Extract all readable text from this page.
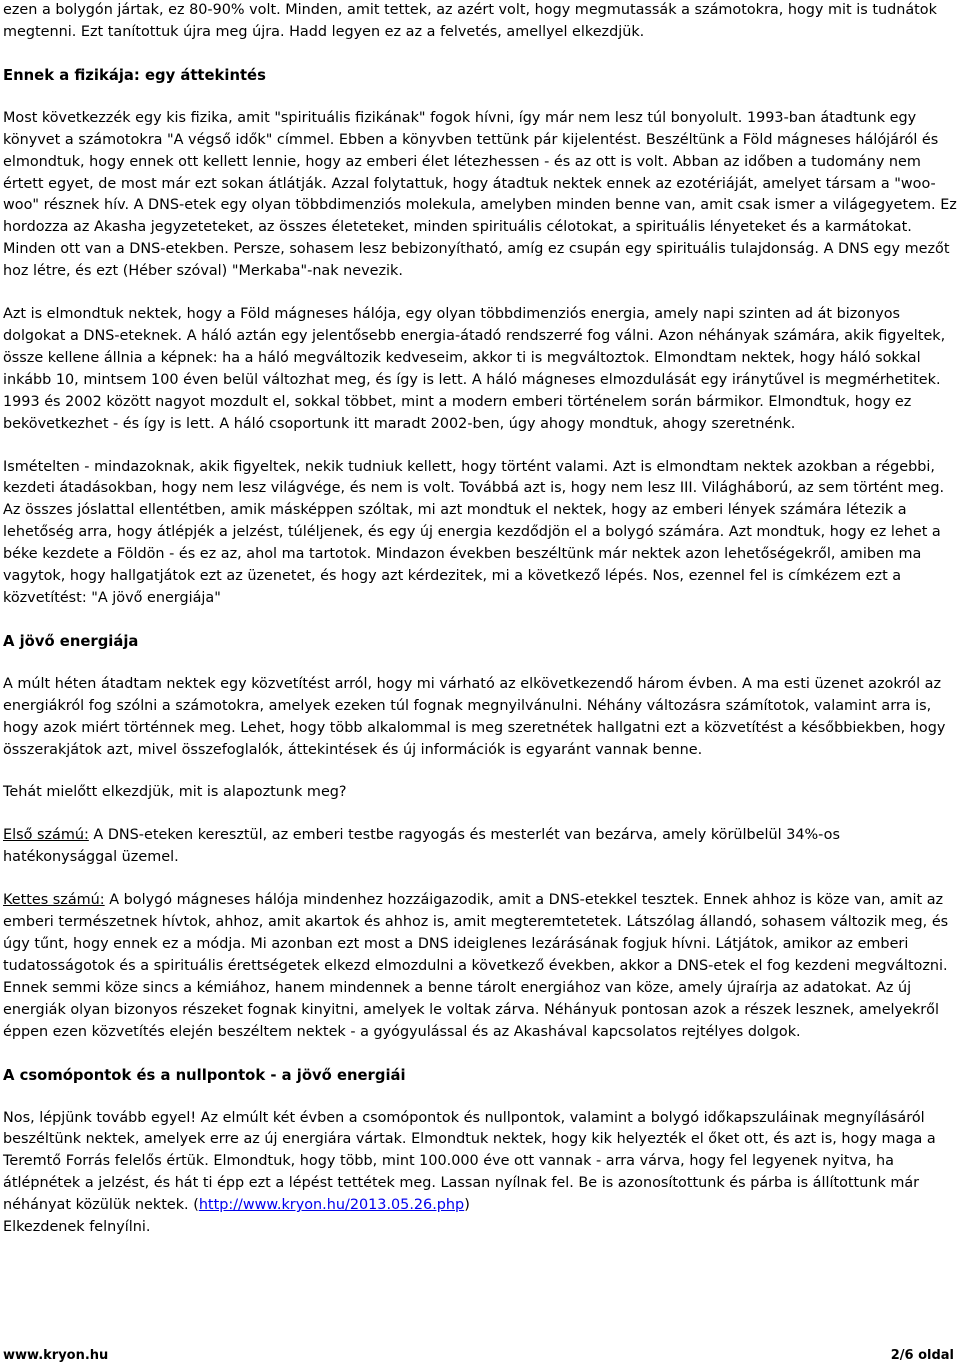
ezen a bolygón jártak, ez 80-90% volt. Minden, amit tettek, az azért volt, hogy megmutassák a számotokra, hogy mit is tudnátok megtenni. Ezt tanítottuk újra meg újra. Hadd legyen ez az a felvetés, amellyel elkezdjük.

Ennek a fizikája: egy áttekintés

Most következzék egy kis fizika, amit "spirituális fizikának" fogok hívni, így már nem lesz túl bonyolult. 1993-ban átadtunk egy könyvet a számotokra "A végső idők" címmel. Ebben a könyvben tettünk pár kijelentést. Beszéltünk a Föld mágneses hálójáról és elmondtuk, hogy ennek ott kellett lennie, hogy az emberi élet létezhessen - és az ott is volt. Abban az időben a tudomány nem értett egyet, de most már ezt sokan átlátják. Azzal folytattuk, hogy átadtuk nektek ennek az ezotériáját, amelyet társam a "woo-woo" résznek hív. A DNS-etek egy olyan többdimenziós molekula, amelyben minden benne van, amit csak ismer a világegyetem. Ez hordozza az Akasha jegyzeteteket, az összes életeteket, minden spirituális célotokat, a spirituális lényeteket és a karmátokat. Minden ott van a DNS-etekben. Persze, sohasem lesz bebizonyítható, amíg ez csupán egy spirituális tulajdonság. A DNS egy mezőt hoz létre, és ezt (Héber szóval) "Merkaba"-nak nevezik.

Azt is elmondtuk nektek, hogy a Föld mágneses hálója, egy olyan többdimenziós energia, amely napi szinten ad át bizonyos dolgokat a DNS-eteknek. A háló aztán egy jelentősebb energia-átadó rendszerré fog válni. Azon néhányak számára, akik figyeltek, össze kellene állnia a képnek: ha a háló megváltozik kedveseim, akkor ti is megváltoztok. Elmondtam nektek, hogy háló sokkal inkább 10, mintsem 100 éven belül változhat meg, és így is lett. A háló mágneses elmozdulását egy iránytűvel is megmérhetitek. 1993 és 2002 között nagyot mozdult el, sokkal többet, mint a modern emberi történelem során bármikor. Elmondtuk, hogy ez bekövetkezhet - és így is lett. A háló csoportunk itt maradt 2002-ben, úgy ahogy mondtuk, ahogy szeretnénk.

Ismételten - mindazoknak, akik figyeltek, nekik tudniuk kellett, hogy történt valami. Azt is elmondtam nektek azokban a régebbi, kezdeti átadásokban, hogy nem lesz világvége, és nem is volt. Továbbá azt is, hogy nem lesz III. Világháború, az sem történt meg. Az összes jóslattal ellentétben, amik másképpen szóltak, mi azt mondtuk el nektek, hogy az emberi lények számára létezik a lehetőség arra, hogy átlépjék a jelzést, túléljenek, és egy új energia kezdődjön el a bolygó számára. Azt mondtuk, hogy ez lehet a béke kezdete a Földön - és ez az, ahol ma tartotok. Mindazon években beszéltünk már nektek azon lehetőségekről, amiben ma vagytok, hogy hallgatjátok ezt az üzenetet, és hogy azt kérdezitek, mi a következő lépés. Nos, ezennel fel is címkézem ezt a közvetítést: "A jövő energiája"

A jövő energiája

A múlt héten átadtam nektek egy közvetítést arról, hogy mi várható az elkövetkezendő három évben. A ma esti üzenet azokról az energiákról fog szólni a számotokra, amelyek ezeken túl fognak megnyilvánulni. Néhány változásra számítotok, valamint arra is, hogy azok miért történnek meg. Lehet, hogy több alkalommal is meg szeretnétek hallgatni ezt a közvetítést a későbbiekben, hogy összerakjátok azt, mivel összefoglalók, áttekintések és új információk is egyaránt vannak benne.

Tehát mielőtt elkezdjük, mit is alapoztunk meg?

Első számú: A DNS-eteken keresztül, az emberi testbe ragyogás és mesterlét van bezárva, amely körülbelül 34%-os hatékonysággal üzemel.

Kettes számú: A bolygó mágneses hálója mindenhez hozzáigazodik, amit a DNS-etekkel tesztek. Ennek ahhoz is köze van, amit az emberi természetnek hívtok, ahhoz, amit akartok és ahhoz is, amit megteremtetetek. Látszólag állandó, sohasem változik meg, és úgy tűnt, hogy ennek ez a módja. Mi azonban ezt most a DNS ideiglenes lezárásának fogjuk hívni. Látjátok, amikor az emberi tudatosságotok és a spirituális érettségetek elkezd elmozdulni a következő években, akkor a DNS-etek el fog kezdeni megváltozni. Ennek semmi köze sincs a kémiához, hanem mindennek a benne tárolt energiához van köze, amely újraírja az adatokat. Az új energiák olyan bizonyos részeket fognak kinyitni, amelyek le voltak zárva. Néhányuk pontosan azok a részek lesznek, amelyekről éppen ezen közvetítés elején beszéltem nektek - a gyógyulással és az Akashával kapcsolatos rejtélyes dolgok.

A csomópontok és a nullpontok - a jövő energiái

Nos, lépjünk tovább egyel! Az elmúlt két évben a csomópontok és nullpontok, valamint a bolygó időkapszuláinak megnyílásáról beszéltünk nektek, amelyek erre az új energiára vártak. Elmondtuk nektek, hogy kik helyezték el őket ott, és azt is, hogy maga a Teremtő Forrás felelős értük. Elmondtuk, hogy több, mint 100.000 éve ott vannak - arra várva, hogy fel legyenek nyitva, ha átlépnétek a jelzést, és hát ti épp ezt a lépést tettétek meg. Lassan nyílnak fel. Be is azonosítottunk és párba is állítottunk már néhányat közülük nektek. (http://www.kryon.hu/2013.05.26.php)
Elkezdenek felnyílni.

www.kryon.hu	2/6 oldal
